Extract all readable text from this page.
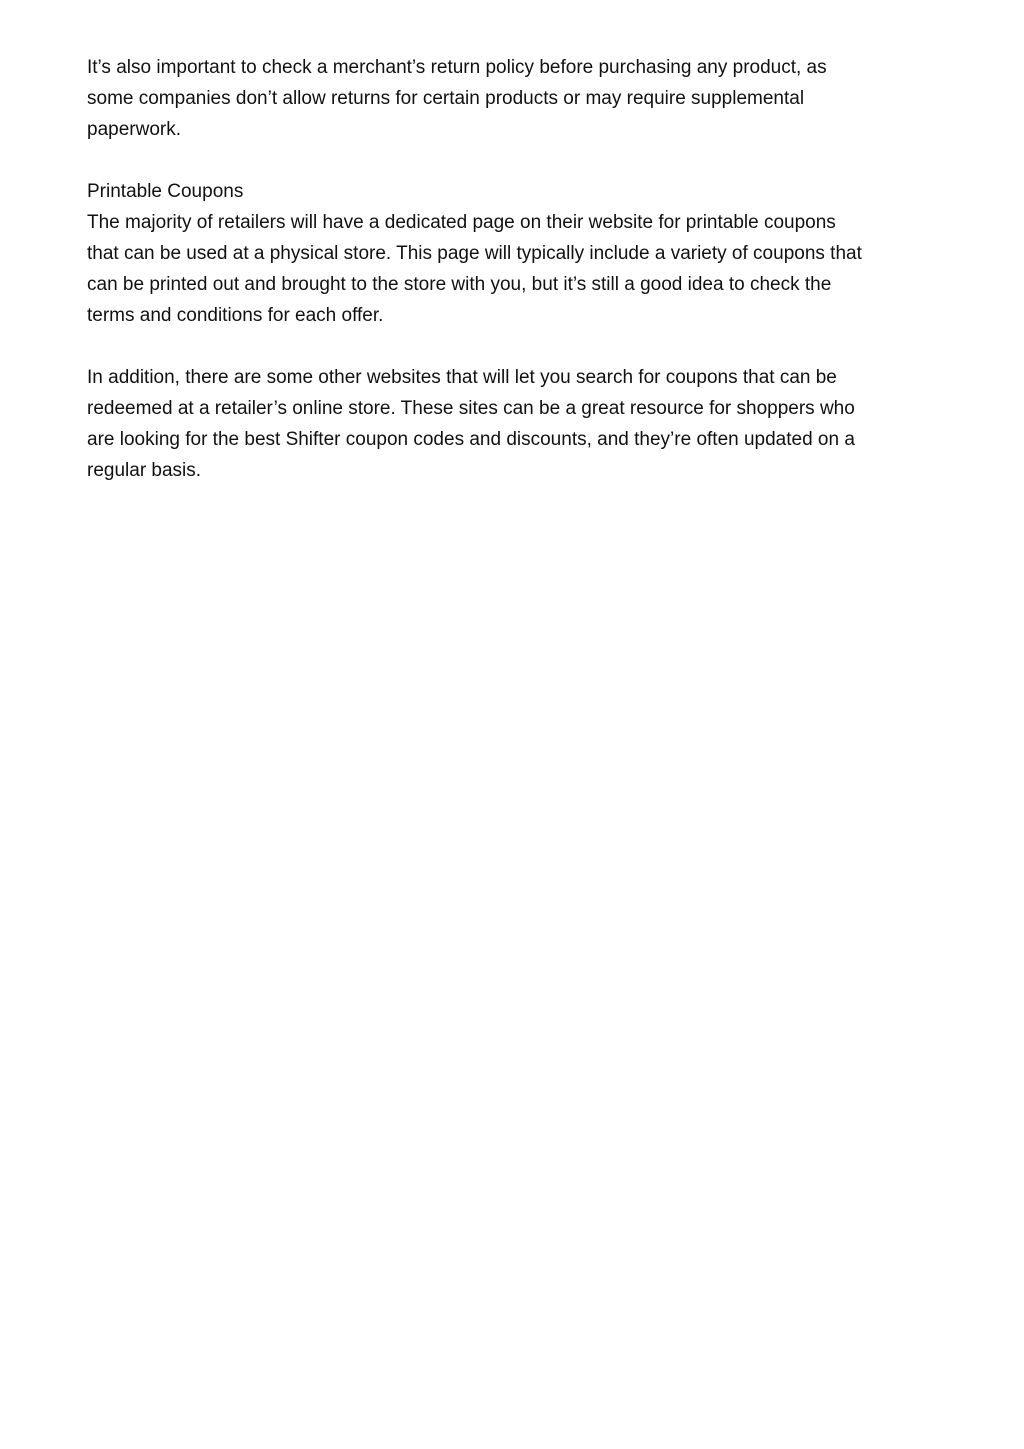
It’s also important to check a merchant’s return policy before purchasing any product, as
some companies don’t allow returns for certain products or may require supplemental
paperwork.

Printable Coupons

The majority of retailers will have a dedicated page on their website for printable coupons
that can be used at a physical store. This page will typically include a variety of coupons that
can be printed out and brought to the store with you, but it’s still a good idea to check the
terms and conditions for each offer.

In addition, there are some other websites that will let you search for coupons that can be
redeemed at a retailer’s online store. These sites can be a great resource for shoppers who
are looking for the best Shifter coupon codes and discounts, and they’re often updated on a
regular basis.
